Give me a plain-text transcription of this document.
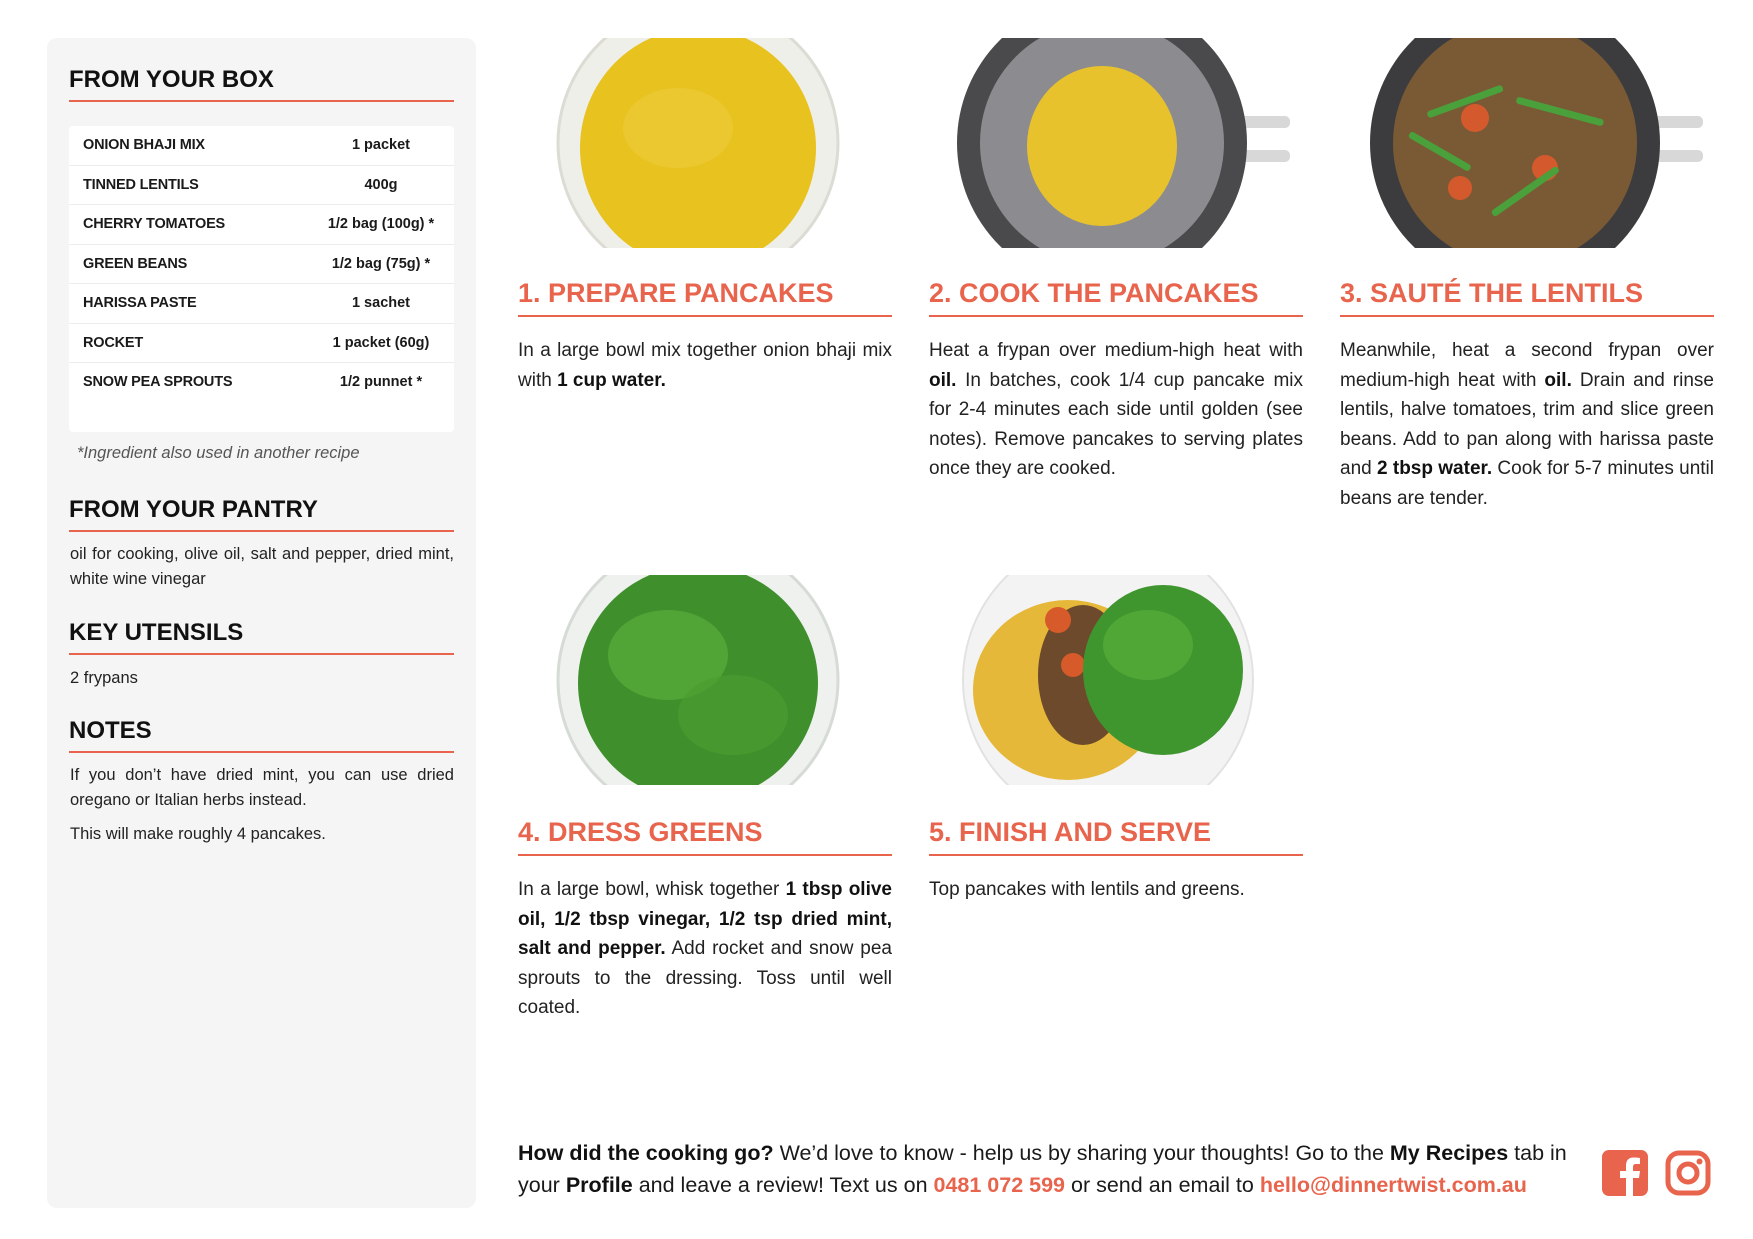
FROM YOUR BOX
ONION BHAJI MIX	1 packet
TINNED LENTILS	400g
CHERRY TOMATOES	1/2 bag (100g) *
GREEN BEANS	1/2 bag (75g) *
HARISSA PASTE	1 sachet
ROCKET	1 packet (60g)
SNOW PEA SPROUTS	1/2 punnet *
*Ingredient also used in another recipe
FROM YOUR PANTRY
oil for cooking, olive oil, salt and pepper, dried mint, white wine vinegar
KEY UTENSILS
2 frypans
NOTES
If you don’t have dried mint, you can use dried oregano or Italian herbs instead.
This will make roughly 4 pancakes.
1. PREPARE PANCAKES	2. COOK THE PANCAKES	3. SAUTÉ THE LENTILS
4. DRESS GREENS	5. FINISH AND SERVE
In a large bowl mix together onion bhaji mix with 1 cup water.
Heat a frypan over medium-high heat with oil. In batches, cook 1/4 cup pancake mix for 2-4 minutes each side until golden (see notes). Remove pancakes to serving plates once they are cooked.
Meanwhile, heat a second frypan over medium-high heat with oil. Drain and rinse lentils, halve tomatoes, trim and slice green beans. Add to pan along with harissa paste and 2 tbsp water. Cook for 5-7 minutes until beans are tender.
In a large bowl, whisk together 1 tbsp olive oil, 1/2 tbsp vinegar, 1/2 tsp dried mint, salt and pepper. Add rocket and snow pea sprouts to the dressing. Toss until well coated.
Top pancakes with lentils and greens.
How did the cooking go? We’d love to know - help us by sharing your thoughts! Go to the My Recipes tab in your Profile and leave a review! Text us on 0481 072 599 or send an email to hello@dinnertwist.com.au
